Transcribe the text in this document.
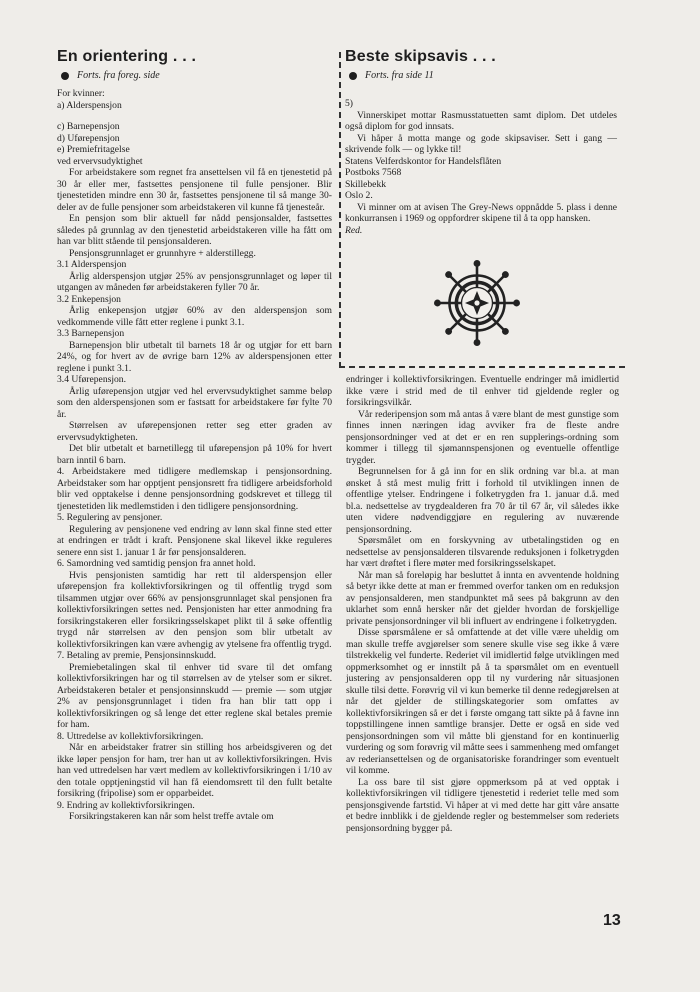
En orientering . . .
Forts. fra foreg. side

For kvinner:

a) Alderspensjon

c) Barnepensjon

d) Uførepensjon

e) Premiefritagelse

ved ervervsudyktighet

For arbeidstakere som regnet fra ansettelsen vil få en tjenestetid på 30 år eller mer, fastsettes pensjonene til fulle pensjoner. Blir tjenestetiden mindre enn 30 år, fastsettes pensjonene til så mange 30-deler av de fulle pensjoner som arbeidstakeren vil kunne få tjenesteår.

En pensjon som blir aktuell før nådd pensjonsalder, fastsettes således på grunnlag av den tjenestetid arbeidstakeren ville ha fått om han var blitt stående til pensjonsalderen.

Pensjonsgrunnlaget er grunnhyre + alderstillegg.

3.1 Alderspensjon

Årlig alderspensjon utgjør 25% av pensjonsgrunnlaget og løper til utgangen av måneden før arbeidstakeren fyller 70 år.

3.2 Enkepensjon

Årlig enkepensjon utgjør 60% av den alderspensjon som vedkommende ville fått etter reglene i punkt 3.1.

3.3 Barnepensjon

Barnepensjon blir utbetalt til barnets 18 år og utgjør for ett barn 24%, og for hvert av de øvrige barn 12% av alderspensjonen etter reglene i punkt 3.1.

3.4 Uførepensjon.

Årlig uførepensjon utgjør ved hel ervervsudyktighet samme beløp som den alderspensjonen som er fastsatt for arbeidstakere før fylte 70 år.

Størrelsen av uførepensjonen retter seg etter graden av ervervsudyktigheten.

Det blir utbetalt et barnetillegg til uførepensjon på 10% for hvert barn inntil 6 barn.

4. Arbeidstakere med tidligere medlemskap i pensjonsordning. Arbeidstaker som har opptjent pensjonsrett fra tidligere arbeidsforhold blir ved opptakelse i denne pensjonsordning godskrevet et tillegg til tjenestetiden lik medlemstiden i den tidligere pensjonsordning.

5. Regulering av pensjoner.

Regulering av pensjonene ved endring av lønn skal finne sted etter at endringen er trådt i kraft. Pensjonene skal likevel ikke reguleres senere enn sist 1. januar 1 år før pensjonsalderen.

6. Samordning ved samtidig pensjon fra annet hold.

Hvis pensjonisten samtidig har rett til alderspensjon eller uførepensjon fra kollektivforsikringen og til offentlig trygd som tilsammen utgjør over 66% av pensjonsgrunnlaget skal pensjonen fra kollektivforsikringen settes ned. Pensjonisten har etter anmodning fra forsikringstakeren eller forsikringsselskapet plikt til å søke offentlig trygd når størrelsen av den pensjon som blir utbetalt av kollektivforsikringen kan være avhengig av ytelsene fra offentlig trygd.

7. Betaling av premie, Pensjonsinnskudd.

Premiebetalingen skal til enhver tid svare til det omfang kollektivforsikringen har og til størrelsen av de ytelser som er sikret. Arbeidstakeren betaler et pensjonsinnskudd — premie — som utgjør 2% av pensjonsgrunnlaget i tiden fra han blir tatt opp i kollektivforsikringen og så lenge det etter reglene skal betales premie for ham.

8. Uttredelse av kollektivforsikringen.

Når en arbeidstaker fratrer sin stilling hos arbeidsgiveren og det ikke løper pensjon for ham, trer han ut av kollektivforsikringen. Hvis han ved uttredelsen har vært medlem av kollektivforsikringen i 1/10 av den totale opptjeningstid vil han få eiendomsrett til den fullt betalte forsikring (fripolise) som er opparbeidet.

9. Endring av kollektivforsikringen.

Forsikringstakeren kan når som helst treffe avtale om

Beste skipsavis . . .
Forts. fra side 11

5)

Vinnerskipet mottar Rasmusstatuetten samt diplom. Det utdeles også diplom for god innsats.

Vi håper å motta mange og gode skipsaviser. Sett i gang — skrivende folk — og lykke til!

Statens Velferdskontor for Handelsflåten

Postboks 7568

Skillebekk

Oslo 2.

Vi minner om at avisen The Grey-News oppnådde 5. plass i denne konkurransen i 1969 og oppfordrer skipene til å ta opp hansken.

Red.

endringer i kollektivforsikringen. Eventuelle endringer må imidlertid ikke være i strid med de til enhver tid gjeldende regler og forsikringsvilkår.

Vår rederipensjon som må antas å være blant de mest gunstige som finnes innen næringen idag avviker fra de fleste andre pensjonsordninger ved at det er en ren supplerings-ordning som kommer i tillegg til sjømannspensjonen og eventuelle offentlige trygder.

Begrunnelsen for å gå inn for en slik ordning var bl.a. at man ønsket å stå mest mulig fritt i forhold til utviklingen innen de offentlige ytelser. Endringene i folketrygden fra 1. januar d.å. med bl.a. nedsettelse av trygdealderen fra 70 år til 67 år, vil således ikke uten videre nødvendiggjøre en regulering av nuværende pensjonsordning.

Spørsmålet om en forskyvning av utbetalingstiden og en nedsettelse av pensjonsalderen tilsvarende reduksjonen i folketrygden har vært drøftet i flere møter med forsikringsselskapet.

Når man så foreløpig har besluttet å innta en avventende holdning så betyr ikke dette at man er fremmed overfor tanken om en reduksjon av pensjonsalderen, men standpunktet må sees på bakgrunn av den uklarhet som ennå hersker når det gjelder hvordan de forskjellige private pensjonsordninger vil bli influert av endringene i folketrygden.

Disse spørsmålene er så omfattende at det ville være uheldig om man skulle treffe avgjørelser som senere skulle vise seg ikke å være tilstrekkelig vel funderte. Rederiet vil imidlertid følge utviklingen med oppmerksomhet og er innstilt på å ta spørsmålet om en eventuell justering av pensjonsalderen opp til ny vurdering når situasjonen skulle tilsi dette. Forøvrig vil vi kun bemerke til denne redegjørelsen at når det gjelder de stillingskategorier som omfattes av kollektivforsikringen så er det i første omgang tatt sikte på å favne inn toppstillingene innen samtlige bransjer. Dette er også en side ved pensjonsordningen som vil måtte bli gjenstand for en kontinuerlig vurdering og som forøvrig vil måtte sees i sammenheng med omfanget av rederiansettelsen og de organisatoriske forandringer som eventuelt vil komme.

La oss bare til sist gjøre oppmerksom på at ved opptak i kollektivforsikringen vil tidligere tjenestetid i rederiet telle med som pensjonsgivende fartstid. Vi håper at vi med dette har gitt våre ansatte et bedre innblikk i de gjeldende regler og bestemmelser som rederiets pensjonsordning bygger på.

13
